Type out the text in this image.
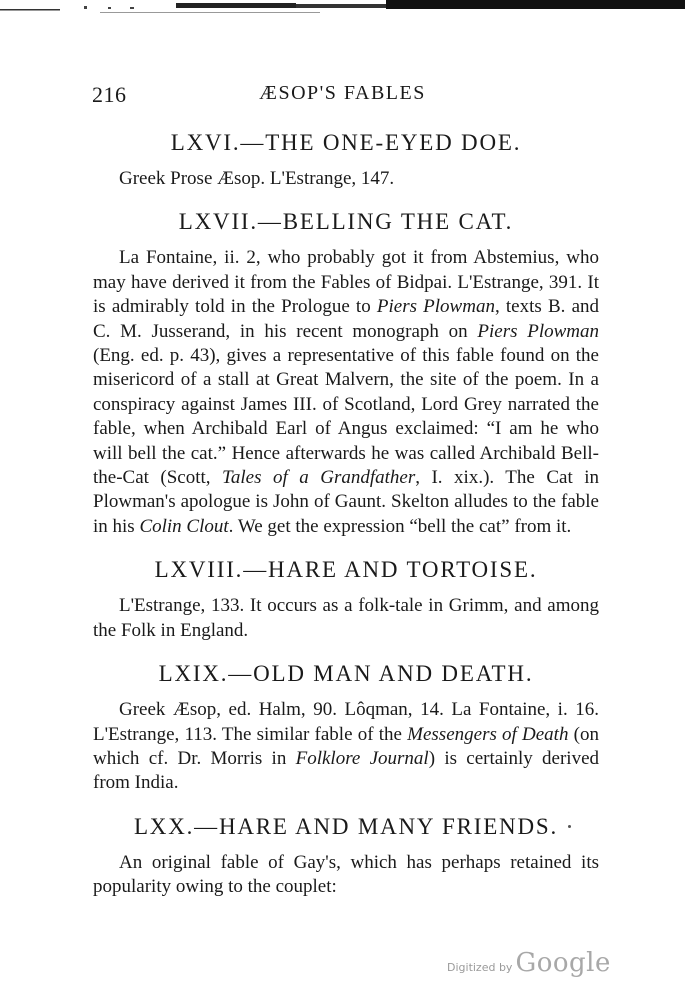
216	ÆSOP'S FABLES
LXVI.—THE ONE-EYED DOE.

Greek Prose Æsop. L'Estrange, 147.

LXVII.—BELLING THE CAT.

La Fontaine, ii. 2, who probably got it from Abstemius, who may have derived it from the Fables of Bidpai. L'Estrange, 391. It is admirably told in the Prologue to Piers Plowman, texts B. and C. M. Jusserand, in his recent monograph on Piers Plowman (Eng. ed. p. 43), gives a representative of this fable found on the misericord of a stall at Great Malvern, the site of the poem. In a conspiracy against James III. of Scotland, Lord Grey narrated the fable, when Archibald Earl of Angus exclaimed: “I am he who will bell the cat.” Hence afterwards he was called Archibald Bell-the-Cat (Scott, Tales of a Grandfather, I. xix.). The Cat in Plowman's apologue is John of Gaunt. Skelton alludes to the fable in his Colin Clout. We get the expression “bell the cat” from it.

LXVIII.—HARE AND TORTOISE.

L'Estrange, 133. It occurs as a folk-tale in Grimm, and among the Folk in England.

LXIX.—OLD MAN AND DEATH.

Greek Æsop, ed. Halm, 90. Lôqman, 14. La Fontaine, i. 16. L'Estrange, 113. The similar fable of the Messengers of Death (on which cf. Dr. Morris in Folklore Journal) is certainly derived from India.

LXX.—HARE AND MANY FRIENDS.

An original fable of Gay's, which has perhaps retained its popularity owing to the couplet:

Digitized by Google
